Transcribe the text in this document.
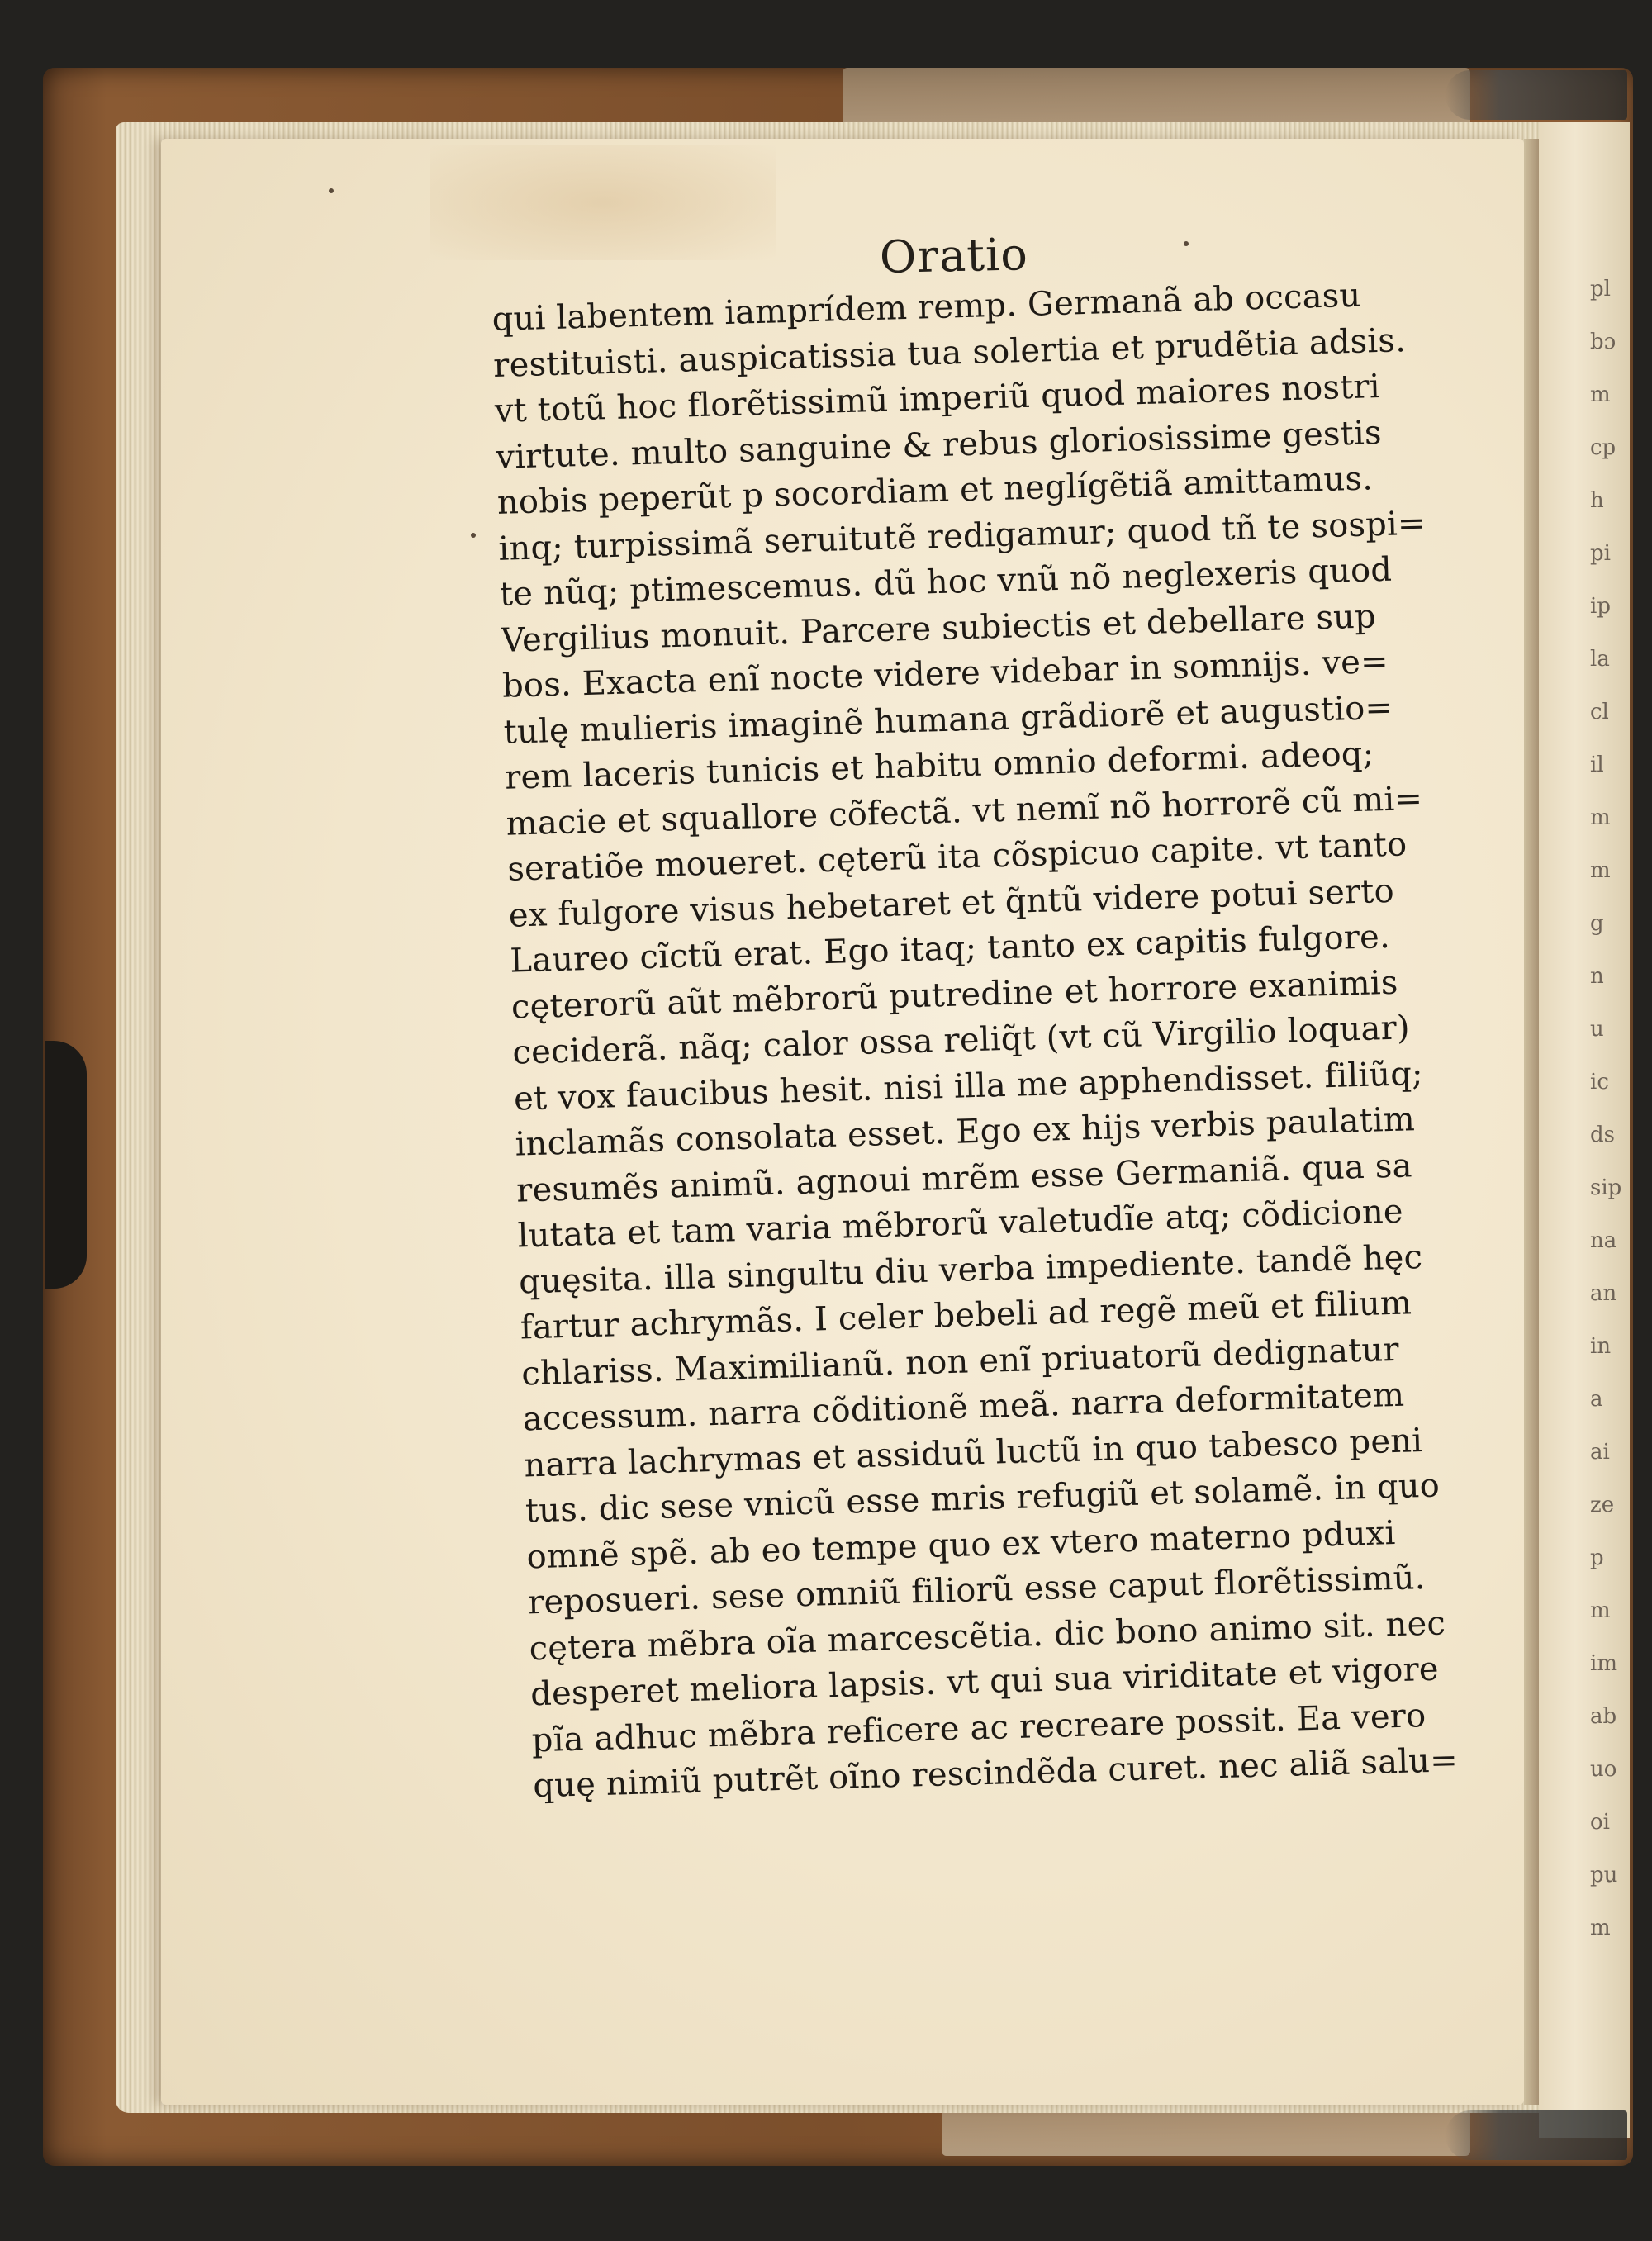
pl
bɔ
m
cp
h
pi
ip
la
cl
il
m
m
g
n
u
ic
ds
sip
na
an
in
a
ai
ze
p
m
im
ab
uo
oi
pu
m
Oratio
qui labentem iamprídem remp. Germanã ab occasu
restituisti. auspicatissia tua solertia et prudẽtia adsis.
vt totũ hoc florẽtissimũ imperiũ quod maiores nostri
virtute. multo sanguine & rebus gloriosissime gestis
nobis peperũt p socordiam et neglígẽtiã amittamus.
inq; turpissimã seruitutẽ redigamur; quod tñ te sospi=
te nũq; ptimescemus. dũ hoc vnũ nõ neglexeris quod
Vergilius monuit. Parcere subiectis et debellare sup
bos. Exacta enĩ nocte videre videbar in somnijs. ve=
tulę mulieris imaginẽ humana grãdiorẽ et augustio=
rem laceris tunicis et habitu omnio deformi. adeoq;
macie et squallore cõfectã. vt nemĩ nõ horrorẽ cũ mi=
seratiõe moueret. cęterũ ita cõspicuo capite. vt tanto
ex fulgore visus hebetaret et q̃ntũ videre potui serto
Laureo cĩctũ erat. Ego itaq; tanto ex capitis fulgore.
cęterorũ aũt mẽbrorũ putredine et horrore exanimis
ceciderã. nãq; calor ossa reliq̃t (vt cũ Virgilio loquar)
et vox faucibus hesit. nisi illa me apphendisset. filiũq;
inclamãs consolata esset. Ego ex hijs verbis paulatim
resumẽs animũ. agnoui mrẽm esse Germaniã. qua sa
lutata et tam varia mẽbrorũ valetudĩe atq; cõdicione
quęsita. illa singultu diu verba impediente. tandẽ hęc
fartur achrymãs. I celer bebeli ad regẽ meũ et filium
chlariss. Maximilianũ. non enĩ priuatorũ dedignatur
accessum. narra cõditionẽ meã. narra deformitatem
narra lachrymas et assiduũ luctũ in quo tabesco peni
tus. dic sese vnicũ esse mris refugiũ et solamẽ. in quo
omnẽ spẽ. ab eo tempe quo ex vtero materno pduxi
reposueri. sese omniũ filiorũ esse caput florẽtissimũ.
cętera mẽbra oĩa marcescẽtia. dic bono animo sit. nec
desperet meliora lapsis. vt qui sua viriditate et vigore
pĩa adhuc mẽbra reficere ac recreare possit. Ea vero
quę nimiũ putrẽt oĩno rescindẽda curet. nec aliã salu=
